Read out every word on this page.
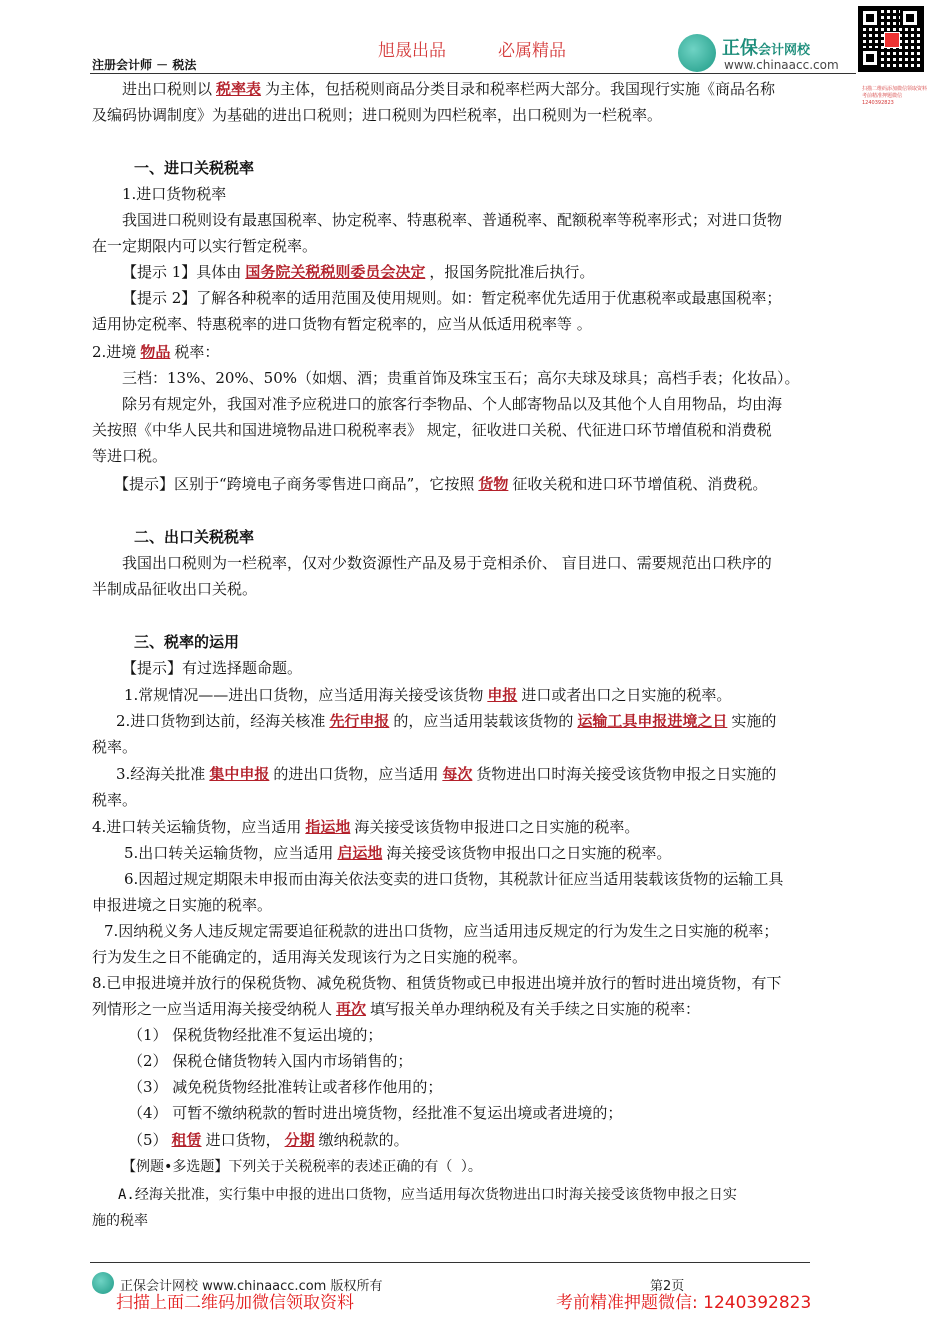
旭晟出品	必属精品
注册会计师 － 税法
正保会计网校
www.chinaacc.com
扫描二维码添加微信领取资料 考前精准押题微信 1240392823
进出口税则以 税率表 为主体，包括税则商品分类目录和税率栏两大部分。我国现行实施《商品名称
及编码协调制度》为基础的进出口税则；进口税则为四栏税率，出口税则为一栏税率。
一、进口关税税率
1.进口货物税率
我国进口税则设有最惠国税率、协定税率、特惠税率、普通税率、配额税率等税率形式；对进口货物
在一定期限内可以实行暂定税率。
【提示 1】具体由 国务院关税税则委员会决定 ，报国务院批准后执行。
【提示 2】了解各种税率的适用范围及使用规则。如：暂定税率优先适用于优惠税率或最惠国税率；
适用协定税率、特惠税率的进口货物有暂定税率的，应当从低适用税率等 。
2.进境 物品 税率：
三档：13%、20%、50%（如烟、酒；贵重首饰及珠宝玉石；高尔夫球及球具；高档手表；化妆品）。
除另有规定外，我国对准予应税进口的旅客行李物品、个人邮寄物品以及其他个人自用物品，均由海
关按照《中华人民共和国进境物品进口税税率表》 规定，征收进口关税、代征进口环节增值税和消费税
等进口税。
【提示】区别于“跨境电子商务零售进口商品”，它按照 货物 征收关税和进口环节增值税、消费税。
二、出口关税税率
我国出口税则为一栏税率，仅对少数资源性产品及易于竞相杀价、 盲目进口、需要规范出口秩序的
半制成品征收出口关税。
三、税率的运用
【提示】有过选择题命题。
1.常规情况——进出口货物，应当适用海关接受该货物 申报 进口或者出口之日实施的税率。
2.进口货物到达前，经海关核准 先行申报 的，应当适用装载该货物的 运输工具申报进境之日 实施的
税率。
3.经海关批准 集中申报 的进出口货物，应当适用 每次 货物进出口时海关接受该货物申报之日实施的
税率。
4.进口转关运输货物，应当适用 指运地 海关接受该货物申报进口之日实施的税率。
5.出口转关运输货物，应当适用 启运地 海关接受该货物申报出口之日实施的税率。
6.因超过规定期限未申报而由海关依法变卖的进口货物，其税款计征应当适用装载该货物的运输工具
申报进境之日实施的税率。
7.因纳税义务人违反规定需要追征税款的进出口货物，应当适用违反规定的行为发生之日实施的税率；
行为发生之日不能确定的，适用海关发现该行为之日实施的税率。
8.已申报进境并放行的保税货物、减免税货物、租赁货物或已申报进出境并放行的暂时进出境货物，有下
列情形之一应当适用海关接受纳税人 再次 填写报关单办理纳税及有关手续之日实施的税率：
（1） 保税货物经批准不复运出境的；
（2） 保税仓储货物转入国内市场销售的；
（3） 减免税货物经批准转让或者移作他用的；
（4） 可暂不缴纳税款的暂时进出境货物，经批准不复运出境或者进境的；
（5） 租赁 进口货物， 分期 缴纳税款的。
【例题•多选题】下列关于关税税率的表述正确的有（ ）。
A.经海关批准，实行集中申报的进出口货物，应当适用每次货物进出口时海关接受该货物申报之日实
施的税率
正保会计网校 www.chinaacc.com 版权所有	第2页
扫描上面二维码加微信领取资料	考前精准押题微信: 1240392823
